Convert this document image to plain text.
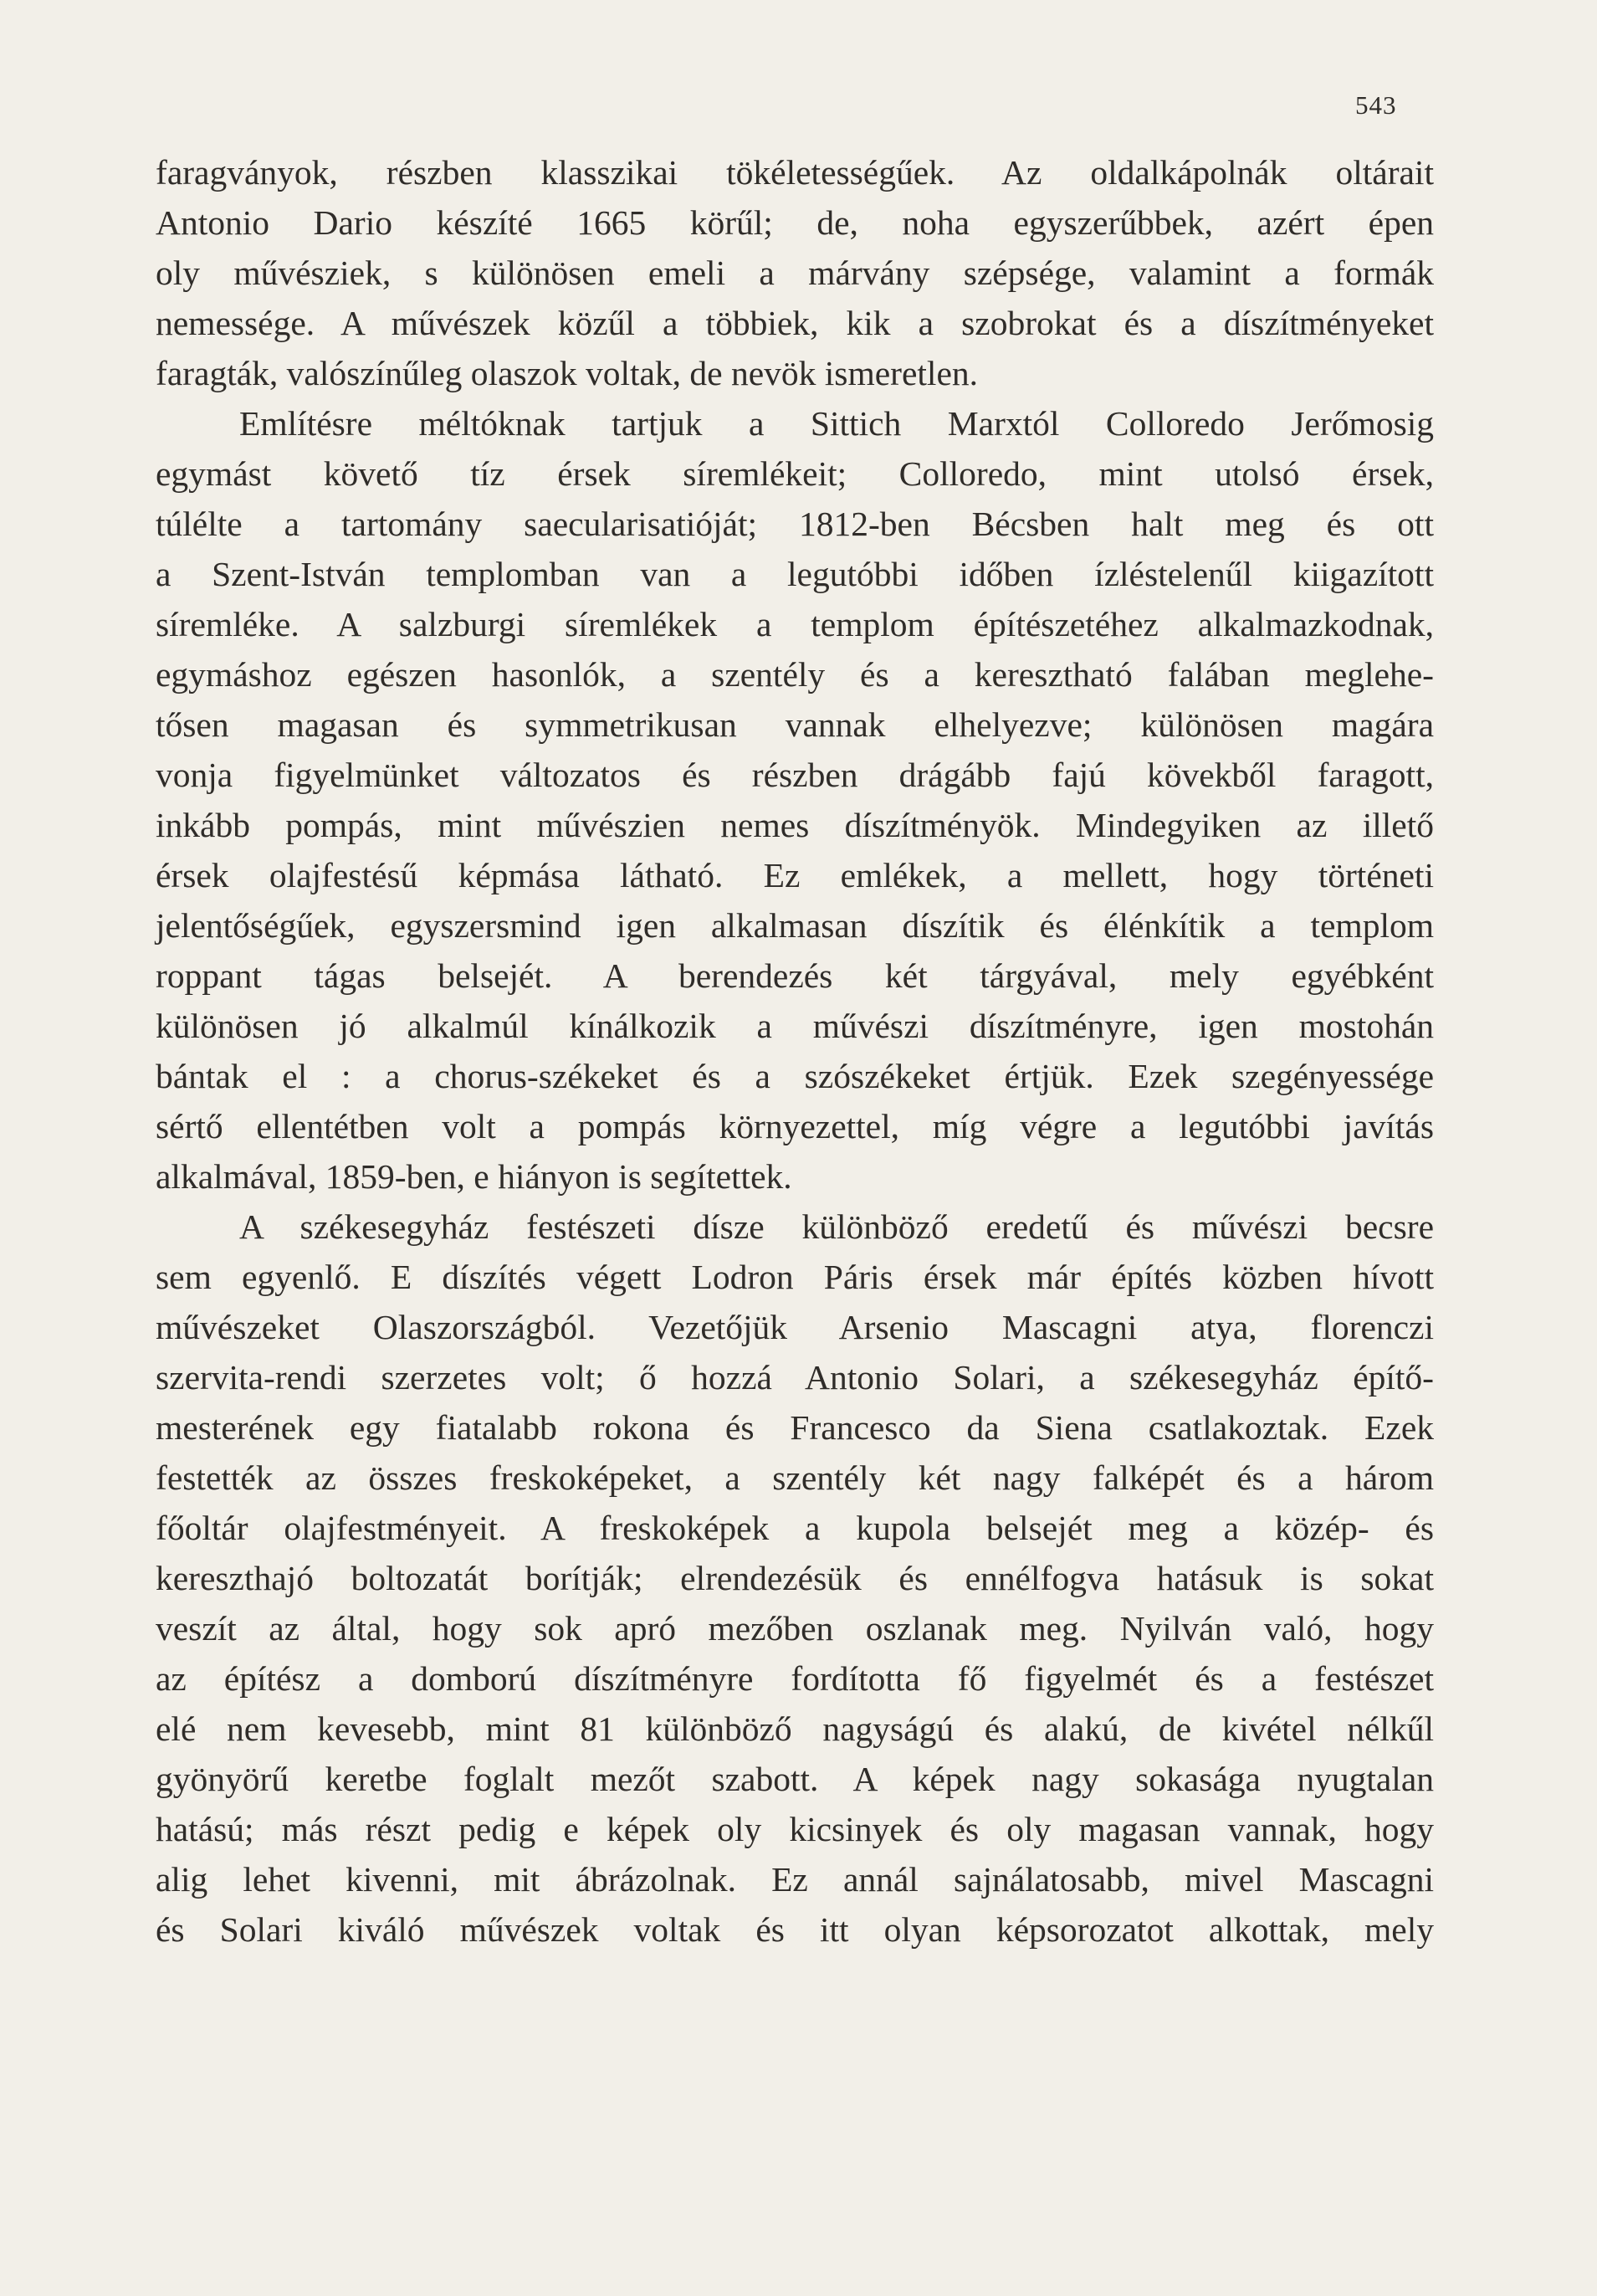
543
faragványok, részben klasszikai tökéletességűek. Az oldalkápolnák oltárait
Antonio Dario készíté 1665 körűl; de, noha egyszerűbbek, azért épen
oly művésziek, s különösen emeli a márvány szépsége, valamint a formák
nemessége. A művészek közűl a többiek, kik a szobrokat és a díszítményeket
faragták, valószínűleg olaszok voltak, de nevök ismeretlen.
Említésre méltóknak tartjuk a Sittich Marxtól Colloredo Jerőmosig
egymást követő tíz érsek síremlékeit; Colloredo, mint utolsó érsek,
túlélte a tartomány saecularisatióját; 1812-ben Bécsben halt meg és ott
a Szent-István templomban van a legutóbbi időben ízléstelenűl kiigazított
síremléke. A salzburgi síremlékek a templom építészetéhez alkalmazkodnak,
egymáshoz egészen hasonlók, a szentély és a keresztható falában meglehe-
tősen magasan és symmetrikusan vannak elhelyezve; különösen magára
vonja figyelmünket változatos és részben drágább fajú kövekből faragott,
inkább pompás, mint művészien nemes díszítményök. Mindegyiken az illető
érsek olajfestésű képmása látható. Ez emlékek, a mellett, hogy történeti
jelentőségűek, egyszersmind igen alkalmasan díszítik és élénkítik a templom
roppant tágas belsejét. A berendezés két tárgyával, mely egyébként
különösen jó alkalmúl kínálkozik a művészi díszítményre, igen mostohán
bántak el : a chorus-székeket és a szószékeket értjük. Ezek szegényessége
sértő ellentétben volt a pompás környezettel, míg végre a legutóbbi javítás
alkalmával, 1859-ben, e hiányon is segítettek.
A székesegyház festészeti dísze különböző eredetű és művészi becsre
sem egyenlő. E díszítés végett Lodron Páris érsek már építés közben hívott
művészeket Olaszországból. Vezetőjük Arsenio Mascagni atya, florenczi
szervita-rendi szerzetes volt; ő hozzá Antonio Solari, a székesegyház építő-
mesterének egy fiatalabb rokona és Francesco da Siena csatlakoztak. Ezek
festették az összes freskoképeket, a szentély két nagy falképét és a három
főoltár olajfestményeit. A freskoképek a kupola belsejét meg a közép- és
kereszthajó boltozatát borítják; elrendezésük és ennélfogva hatásuk is sokat
veszít az által, hogy sok apró mezőben oszlanak meg. Nyilván való, hogy
az építész a domború díszítményre fordította fő figyelmét és a festészet
elé nem kevesebb, mint 81 különböző nagyságú és alakú, de kivétel nélkűl
gyönyörű keretbe foglalt mezőt szabott. A képek nagy sokasága nyugtalan
hatású; más részt pedig e képek oly kicsinyek és oly magasan vannak, hogy
alig lehet kivenni, mit ábrázolnak. Ez annál sajnálatosabb, mivel Mascagni
és Solari kiváló művészek voltak és itt olyan képsorozatot alkottak, mely
